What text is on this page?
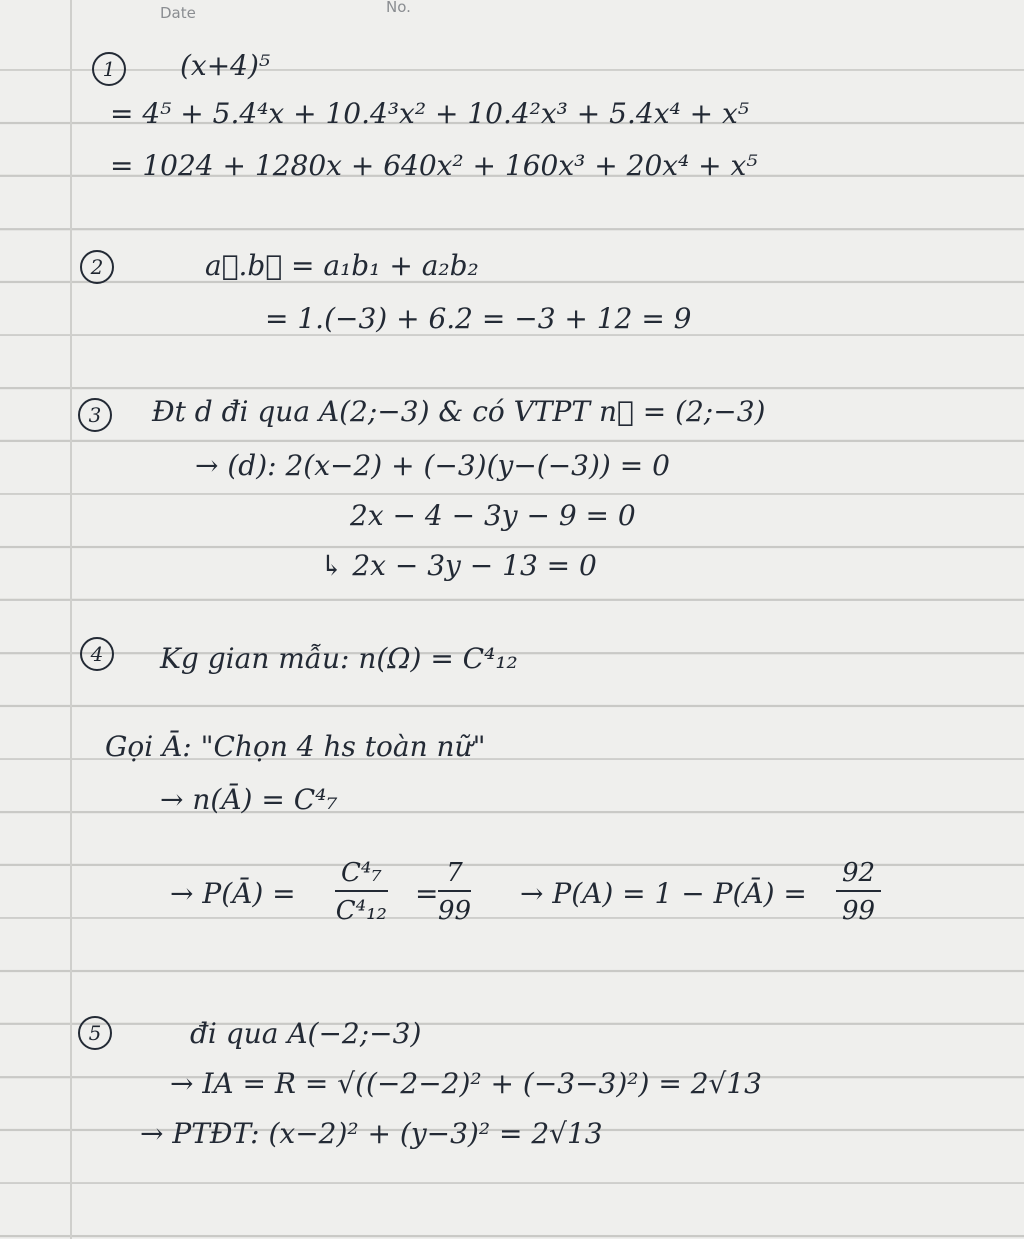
Date	No.
1	(x+4)⁵
= 4⁵ + 5.4⁴x + 10.4³x² + 10.4²x³ + 5.4x⁴ + x⁵
= 1024 + 1280x + 640x² + 160x³ + 20x⁴ + x⁵
2	a⃗.b⃗ = a₁b₁ + a₂b₂
= 1.(−3) + 6.2 = −3 + 12 = 9
3	Đt d đi qua A(2;−3) & có VTPT n⃗ = (2;−3)
→ (d): 2(x−2) + (−3)(y−(−3)) = 0
2x − 4 − 3y − 9 = 0
↳ 2x − 3y − 13 = 0
4	Kg gian mẫu: n(Ω) = C⁴₁₂
Gọi Ā: "Chọn 4 hs toàn nữ"
→ n(Ā) = C⁴₇
→ P(Ā) = $\frac{\text{C⁴₇}}{\text{C⁴₁₂}} = \frac{7}{99} \to P(A) = 1$ − P(Ā) = $\frac{92}{99}$
5	đi qua A(−2;−3)
→ IA = R = √((−2−2)² + (−3−3)²) = 2√13
→ PTĐT: (x−2)² + (y−3)² = 2√13
